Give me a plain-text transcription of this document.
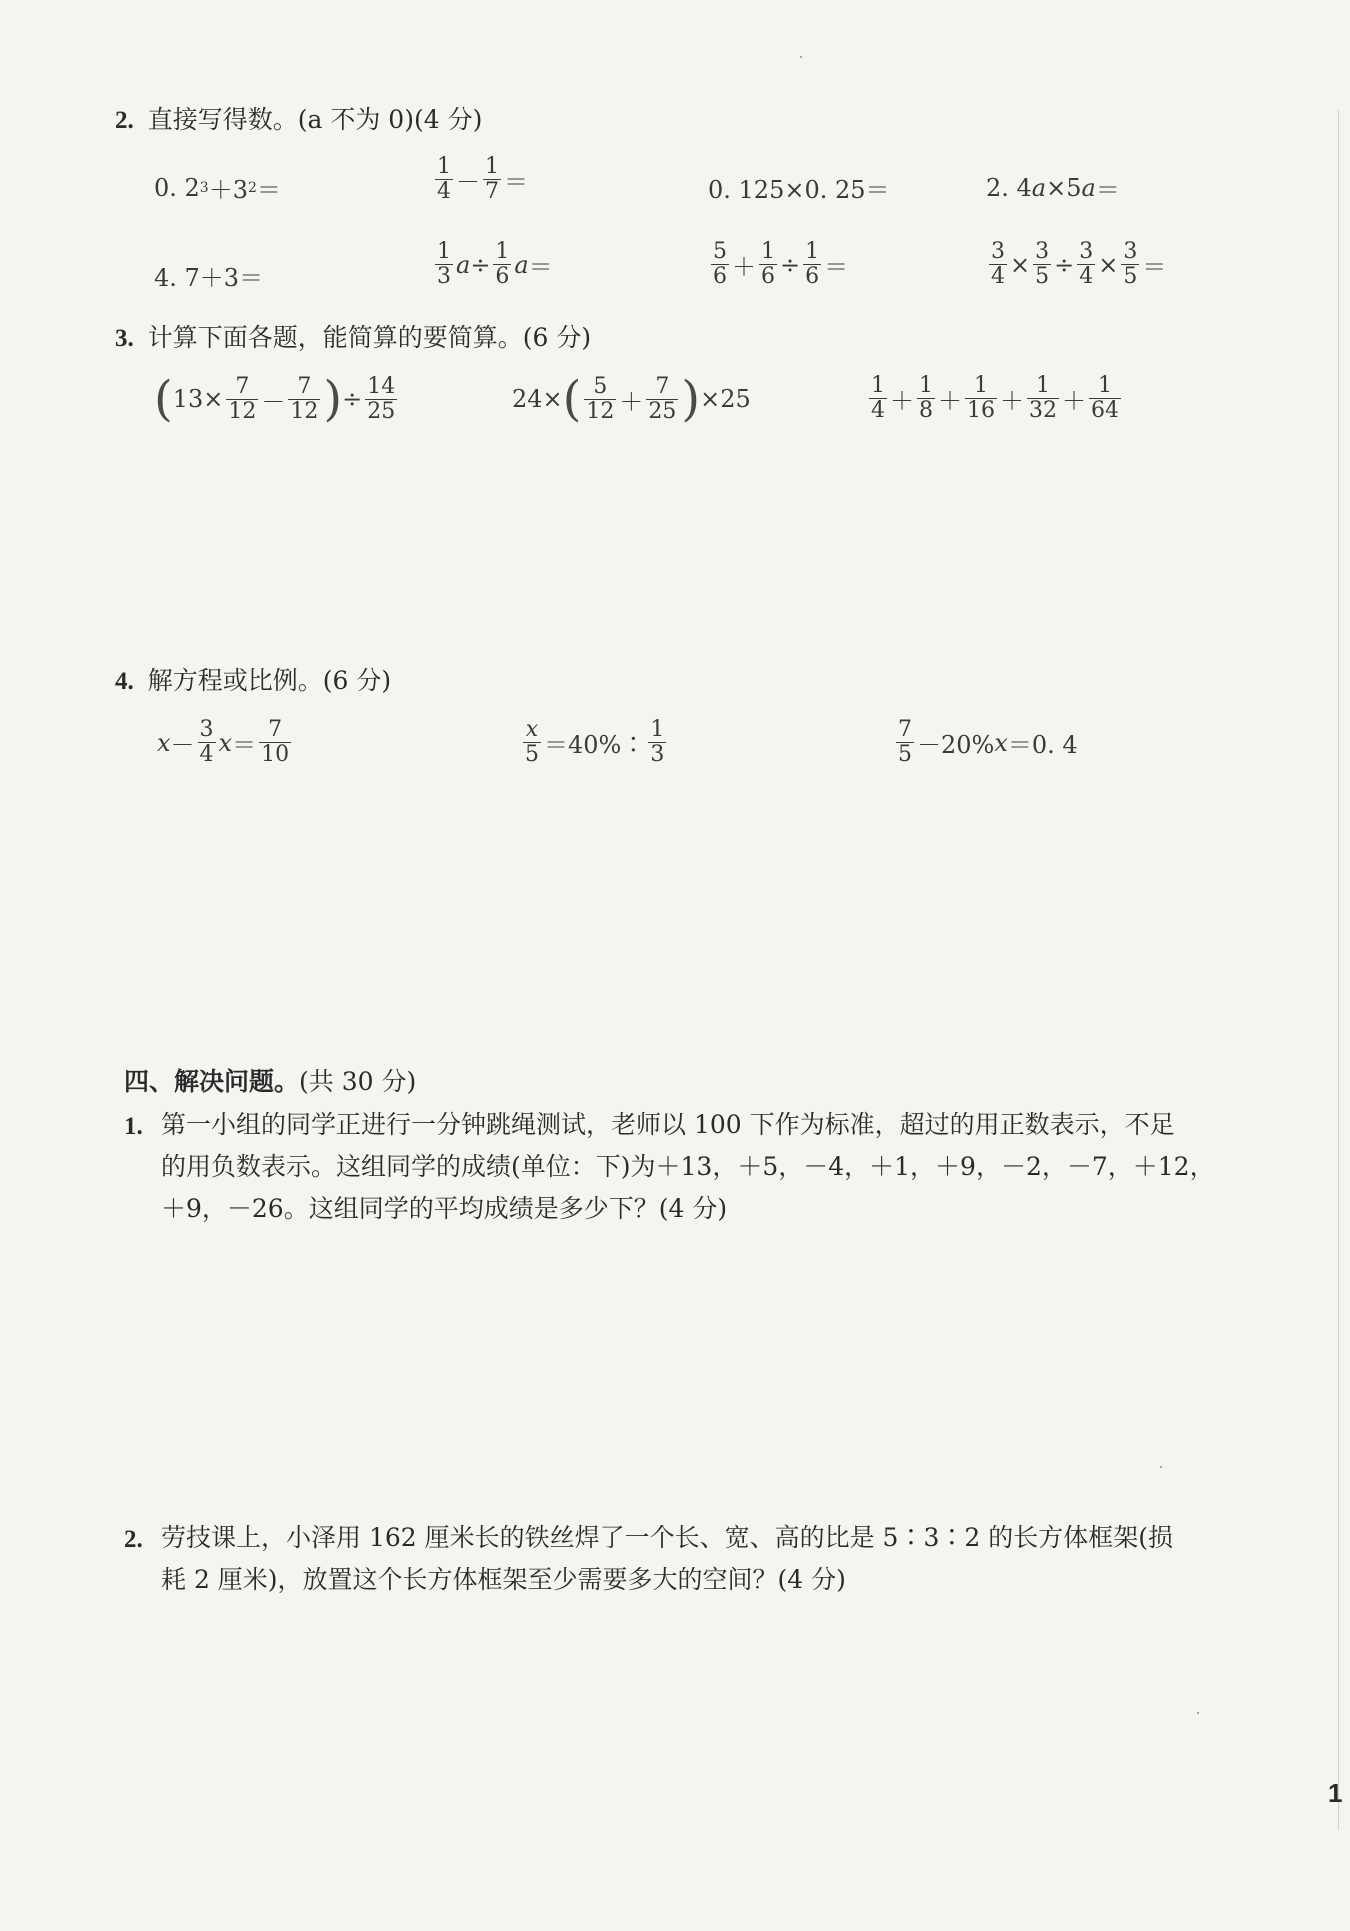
2. 直接写得数。(a 不为 0)(4 分)
0. 2 3 ＋3 2 ＝	$\frac{1}{4} - \frac{1}{7}$ ＝	0. 125×0. 25＝	2. 4 a ×5 a ＝
4. 7＋3＝	$\frac{1}{3}$ $a \div \frac{1}{6}$ a ＝	$\frac{5}{6} + \frac{1}{6} \div \frac{1}{6}$ ＝	$\frac{3}{4} \times \frac{3}{5} \div \frac{3}{4} \times \frac{3}{5}$ ＝
3. 计算下面各题，能简算的要简算。(6 分)
( $13\times \frac{7}{12} - \frac{7}{12}$ ) ÷ $\frac{14}{25}$	24× ( $\frac{5}{12} + \frac{7}{25}$ ) ×25	$\frac{1}{4} + \frac{1}{8} + \frac{1}{16} + \frac{1}{32} + \frac{1}{64}$
4. 解方程或比例。(6 分)
$x - \frac{3}{4}$ $x = \frac{7}{10}$	$\frac{x}{5}$ ＝40%∶ $\frac{1}{3}$	$\frac{7}{5} -20\%$ x ＝0. 4
四、解决问题。(共 30 分)
1. 第一小组的同学正进行一分钟跳绳测试，老师以 100 下作为标准，超过的用正数表示，不足
的用负数表示。这组同学的成绩(单位：下)为＋13，＋5，－4，＋1，＋9，－2，－7，＋12，
＋9，－26。这组同学的平均成绩是多少下？(4 分)
2. 劳技课上，小泽用 162 厘米长的铁丝焊了一个长、宽、高的比是 5∶3∶2 的长方体框架(损
耗 2 厘米)，放置这个长方体框架至少需要多大的空间？(4 分)
1
